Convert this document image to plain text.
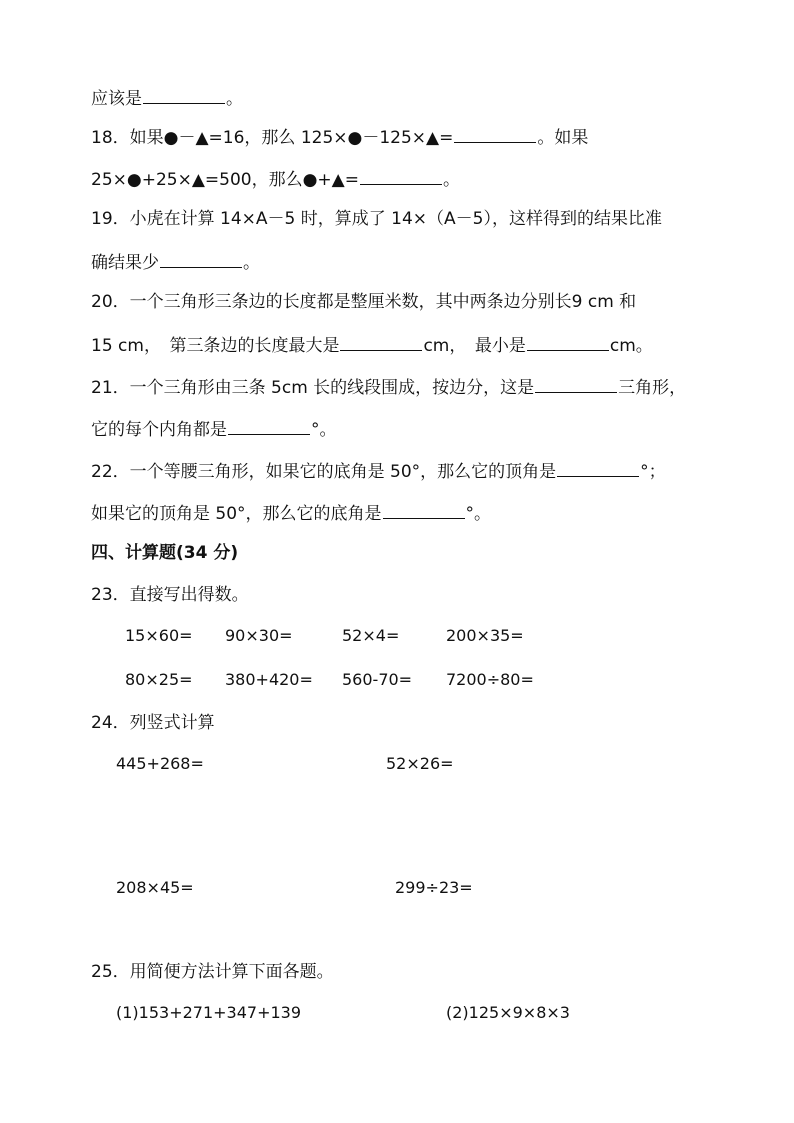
应该是	。
18．如果●－▲=16，那么 125×●－125×▲=	。如果
25×●+25×▲=500，那么●+▲=	。
19．小虎在计算 14×A－5 时，算成了 14×（A－5），这样得到的结果比准
确结果少	。
20．一个三角形三条边的长度都是整厘米数，其中两条边分别长9 cm 和
15 cm，　第三条边的长度最大是	cm，　最小是	cm。
21．一个三角形由三条 5cm 长的线段围成，按边分，这是	三角形，
它的每个内角都是	°。
22．一个等腰三角形，如果它的底角是 50°，那么它的顶角是	°；
如果它的顶角是 50°，那么它的底角是	°。
四、计算题(34 分)
23．直接写出得数。
15×60= 90×30=	52×4=	200×35=
80×25= 380+420= 560-70= 7200÷80=
24．列竖式计算
445+268=	52×26=
208×45=	299÷23=
25．用简便方法计算下面各题。
(1)153+271+347+139	(2)125×9×8×3
